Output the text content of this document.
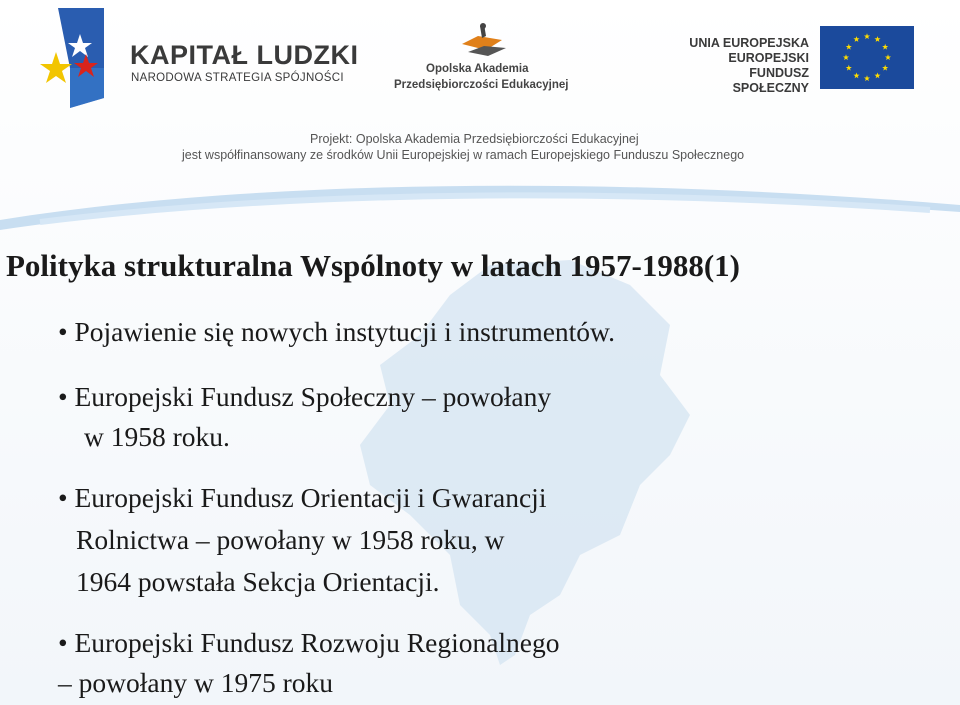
KAPITAŁ LUDZKI
NARODOWA STRATEGIA SPÓJNOŚCI
Opolska Akademia
Przedsiębiorczości Edukacyjnej
UNIA EUROPEJSKA
EUROPEJSKI
FUNDUSZ SPOŁECZNY
Projekt: Opolska Akademia Przedsiębiorczości Edukacyjnej
jest współfinansowany ze środków Unii Europejskiej w ramach Europejskiego Funduszu Społecznego
Polityka strukturalna Wspólnoty w latach 1957-1988(1)

• Pojawienie się nowych instytucji i instrumentów.

• Europejski Fundusz Społeczny – powołany

w 1958 roku.

• Europejski Fundusz Orientacji i Gwarancji

Rolnictwa – powołany w 1958 roku, w

1964 powstała Sekcja Orientacji.

• Europejski Fundusz Rozwoju Regionalnego

– powołany w 1975 roku
